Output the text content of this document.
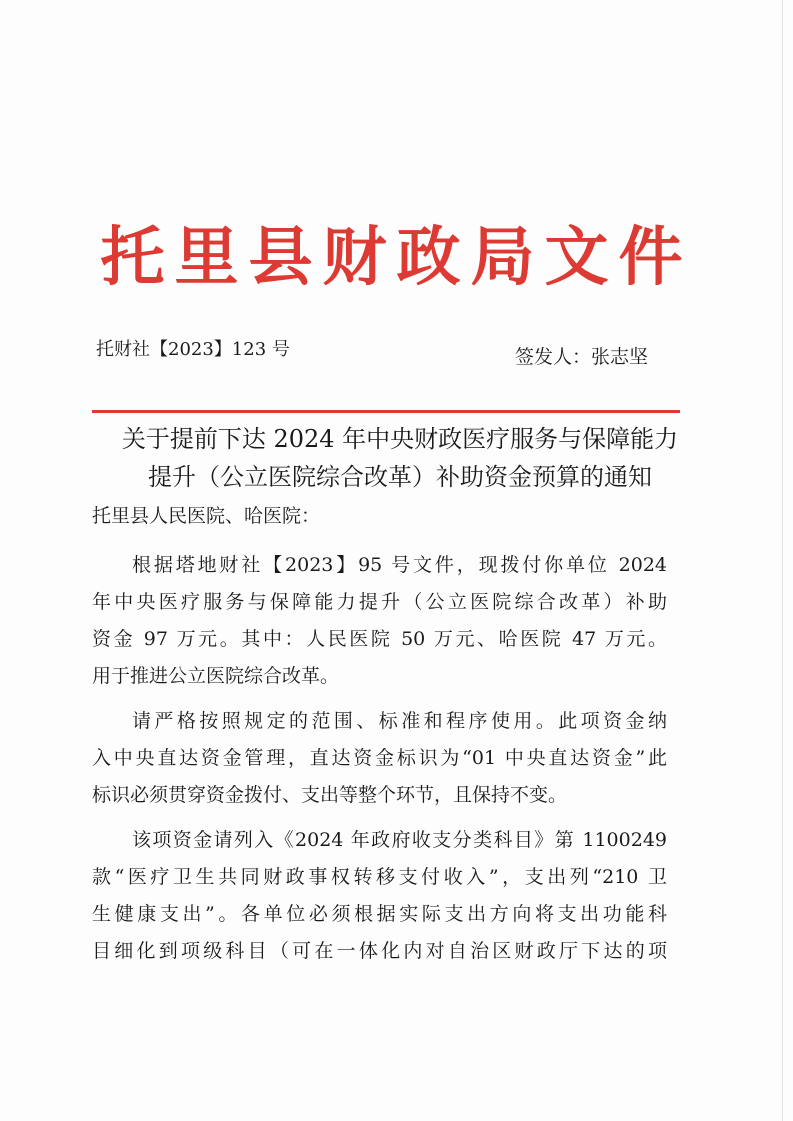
托里县财政局文件
托财社【2023】123 号	签发人：张志坚
关于提前下达 2024 年中央财政医疗服务与保障能力
提升（公立医院综合改革）补助资金预算的通知
托里县人民医院、哈医院：
根据塔地财社【2023】95 号文件，现拨付你单位 2024
年中央医疗服务与保障能力提升（公立医院综合改革）补助
资金 97 万元。其中：人民医院 50 万元、哈医院 47 万元。
用于推进公立医院综合改革。
请严格按照规定的范围、标准和程序使用。此项资金纳
入中央直达资金管理，直达资金标识为“01 中央直达资金”此
标识必须贯穿资金拨付、支出等整个环节，且保持不变。
该项资金请列入《2024 年政府收支分类科目》第 1100249
款“医疗卫生共同财政事权转移支付收入”，支出列“210 卫
生健康支出”。各单位必须根据实际支出方向将支出功能科
目细化到项级科目（可在一体化内对自治区财政厅下达的项
